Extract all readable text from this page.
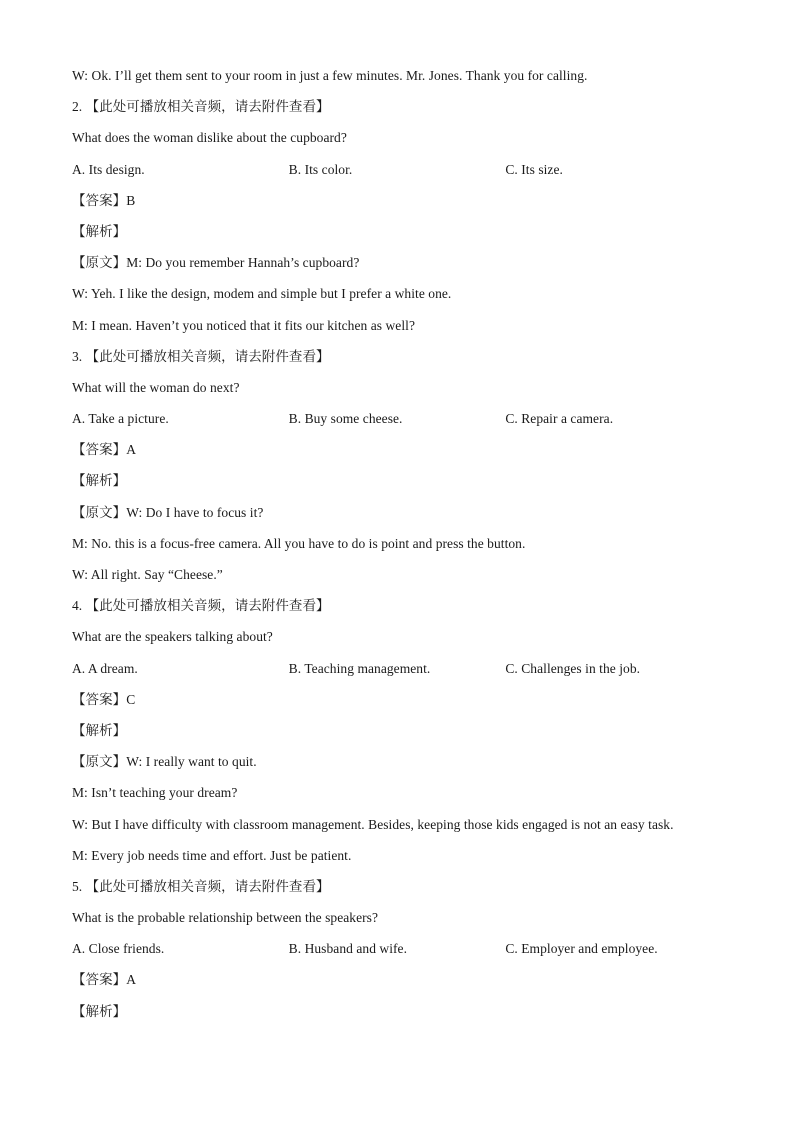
W: Ok. I’ll get them sent to your room in just a few minutes. Mr. Jones. Thank you for calling.
2. 【此处可播放相关音频，请去附件查看】
What does the woman dislike about the cupboard?
A. Its design.	B. Its color.	C. Its size.
【答案】B
【解析】
【原文】M: Do you remember Hannah’s cupboard?
W: Yeh. I like the design, modem and simple but I prefer a white one.
M: I mean. Haven’t you noticed that it fits our kitchen as well?
3. 【此处可播放相关音频，请去附件查看】
What will the woman do next?
A. Take a picture.	B. Buy some cheese.	C. Repair a camera.
【答案】A
【解析】
【原文】W: Do I have to focus it?
M: No. this is a focus-free camera. All you have to do is point and press the button.
W: All right. Say “Cheese.”
4. 【此处可播放相关音频，请去附件查看】
What are the speakers talking about?
A. A dream.	B. Teaching management.	C. Challenges in the job.
【答案】C
【解析】
【原文】W: I really want to quit.
M: Isn’t teaching your dream?
W: But I have difficulty with classroom management. Besides, keeping those kids engaged is not an easy task.
M: Every job needs time and effort. Just be patient.
5. 【此处可播放相关音频，请去附件查看】
What is the probable relationship between the speakers?
A. Close friends.	B. Husband and wife.	C. Employer and employee.
【答案】A
【解析】
